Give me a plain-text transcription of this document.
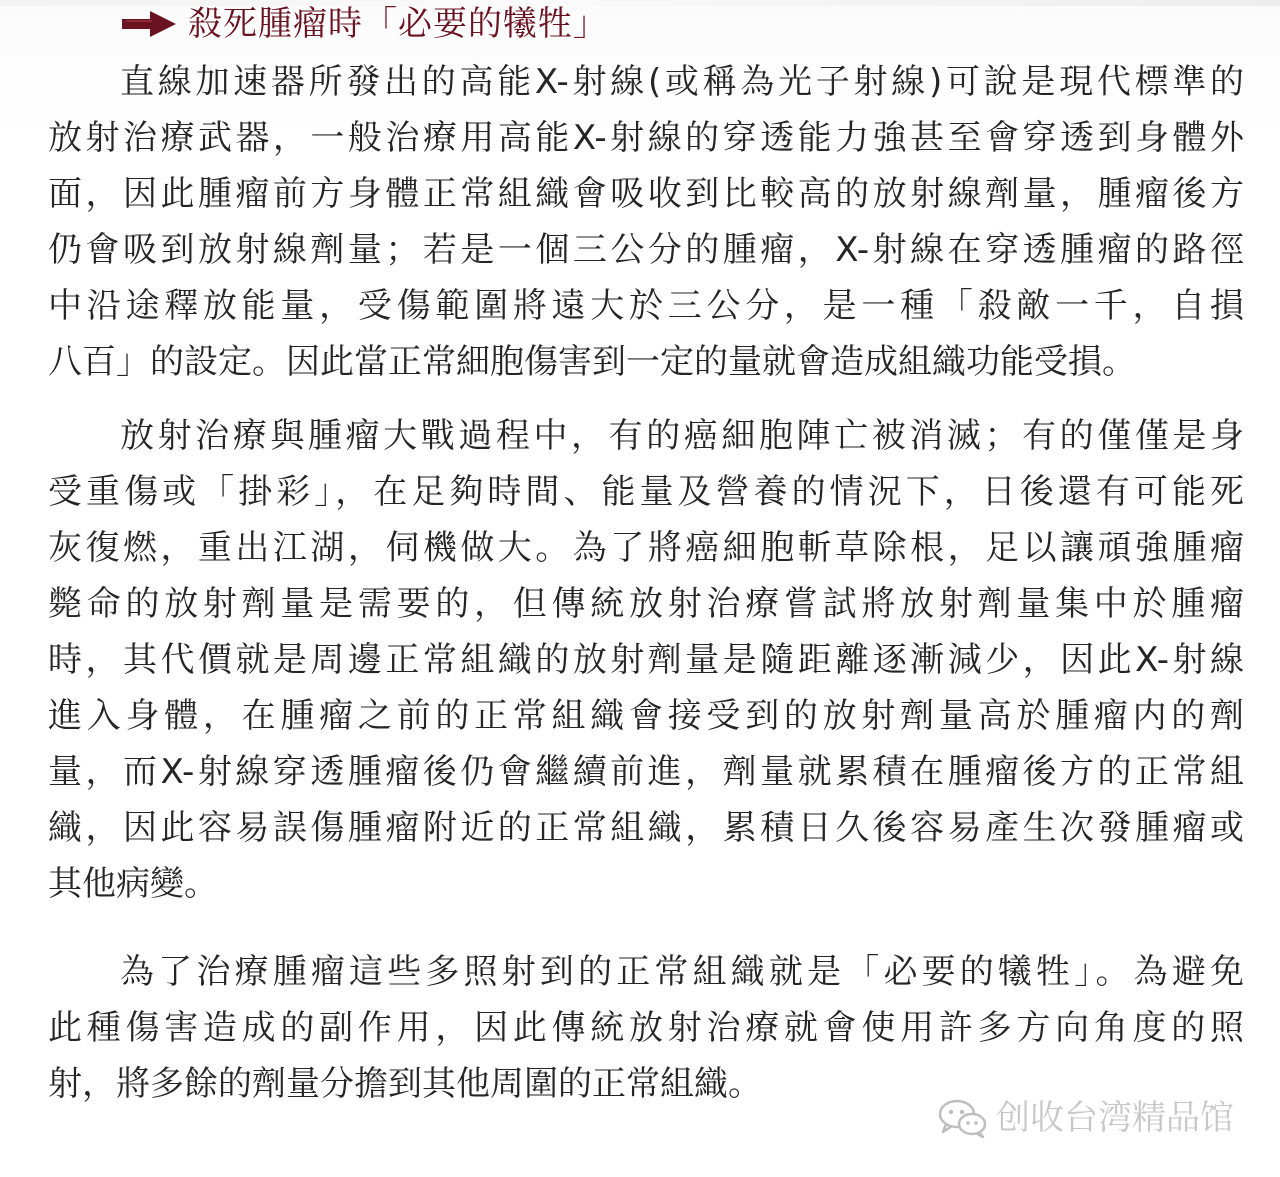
殺死腫瘤時「必要的犧牲」
直線加速器所發出的高能X-射線(或稱為光子射線)可說是現代標準的
放射治療武器，一般治療用高能X-射線的穿透能力強甚至會穿透到身體外
面，因此腫瘤前方身體正常組織會吸收到比較高的放射線劑量，腫瘤後方
仍會吸到放射線劑量；若是一個三公分的腫瘤，X-射線在穿透腫瘤的路徑
中沿途釋放能量，受傷範圍將遠大於三公分，是一種「殺敵一千，自損
八百」的設定。因此當正常細胞傷害到一定的量就會造成組織功能受損。
放射治療與腫瘤大戰過程中，有的癌細胞陣亡被消滅；有的僅僅是身
受重傷或「掛彩」，在足夠時間、能量及營養的情況下，日後還有可能死
灰復燃，重出江湖，伺機做大。為了將癌細胞斬草除根，足以讓頑強腫瘤
斃命的放射劑量是需要的，但傳統放射治療嘗試將放射劑量集中於腫瘤
時，其代價就是周邊正常組織的放射劑量是隨距離逐漸減少，因此X-射線
進入身體，在腫瘤之前的正常組織會接受到的放射劑量高於腫瘤内的劑
量，而X-射線穿透腫瘤後仍會繼續前進，劑量就累積在腫瘤後方的正常組
織，因此容易誤傷腫瘤附近的正常組織，累積日久後容易產生次發腫瘤或
其他病變。
為了治療腫瘤這些多照射到的正常組織就是「必要的犧牲」。為避免
此種傷害造成的副作用，因此傳統放射治療就會使用許多方向角度的照
射，將多餘的劑量分擔到其他周圍的正常組織。
创收台湾精品馆
